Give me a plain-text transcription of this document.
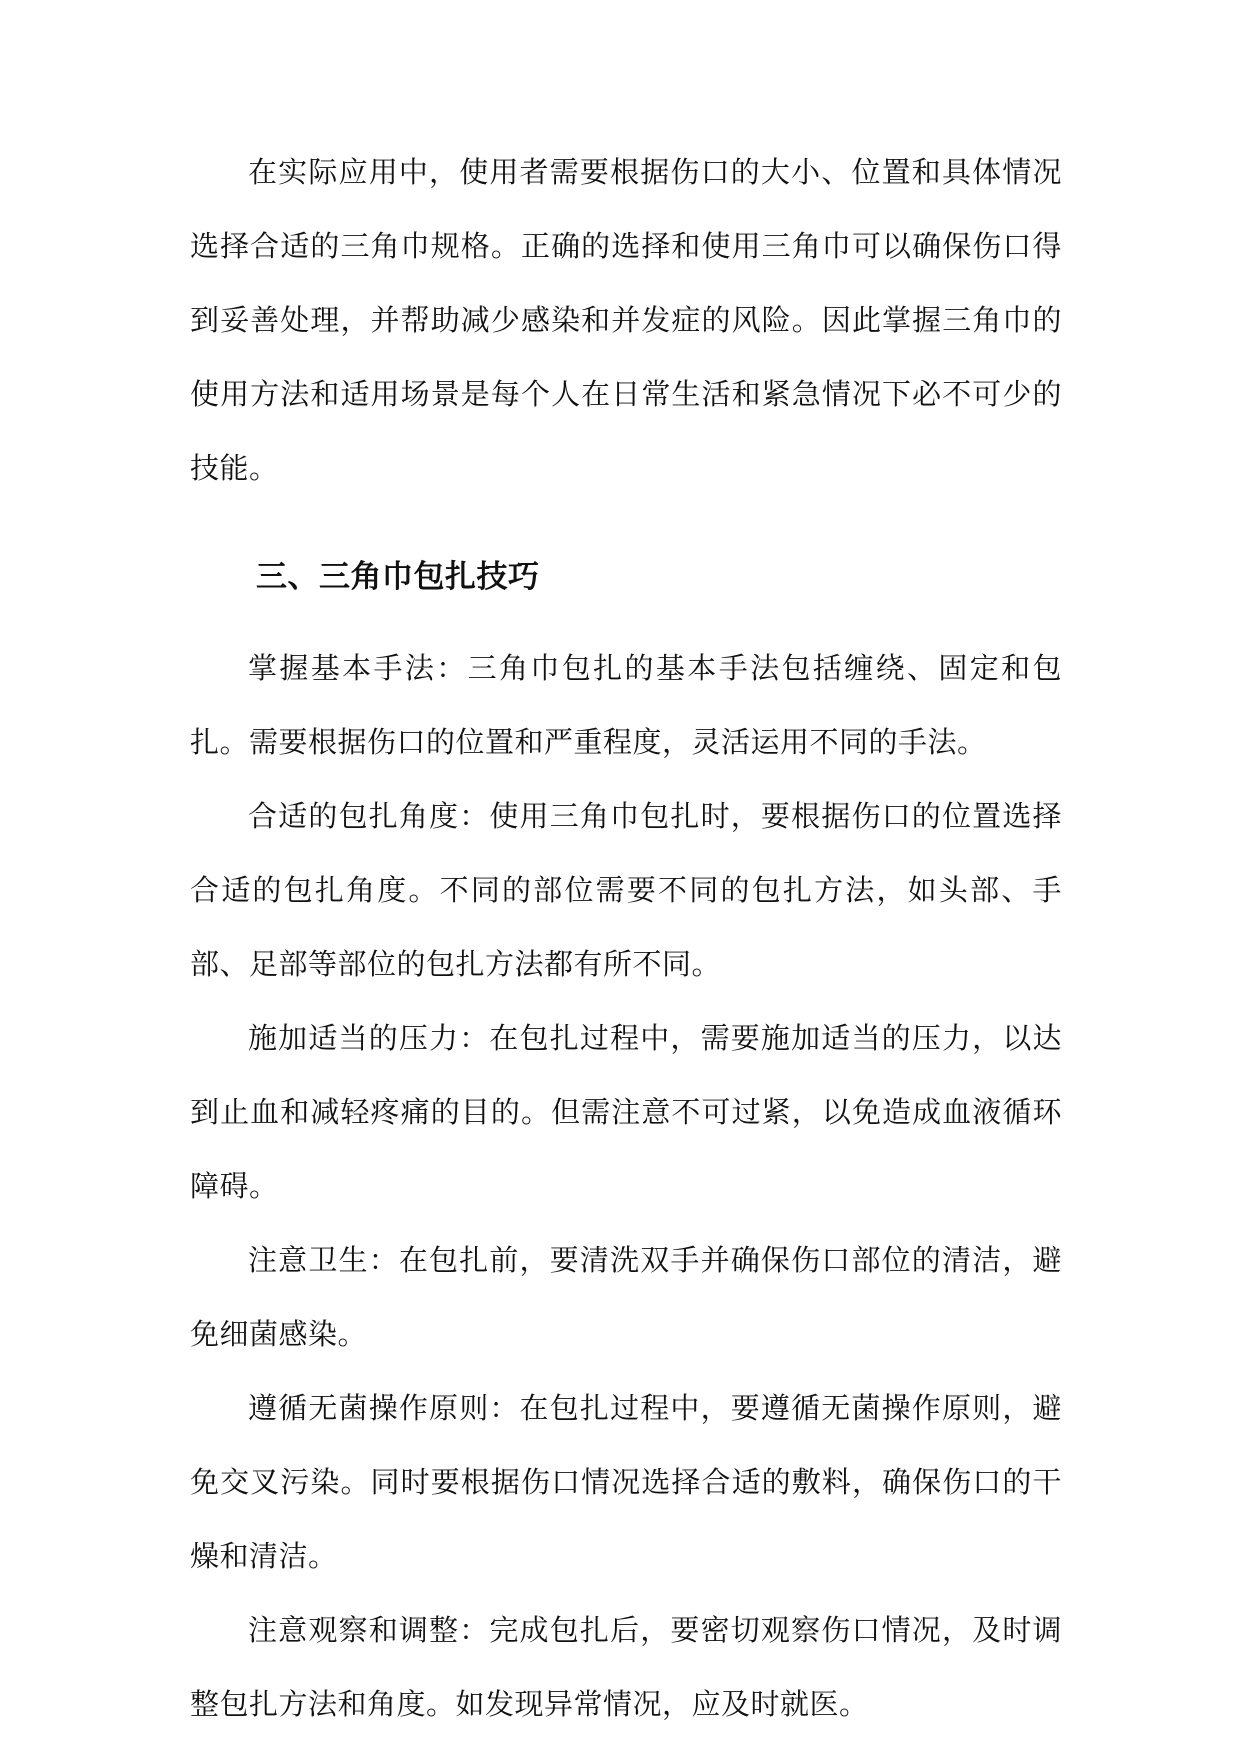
在实际应用中，使用者需要根据伤口的大小、位置和具体情况选择合适的三角巾规格。正确的选择和使用三角巾可以确保伤口得到妥善处理，并帮助减少感染和并发症的风险。因此掌握三角巾的使用方法和适用场景是每个人在日常生活和紧急情况下必不可少的技能。

三、三角巾包扎技巧

掌握基本手法：三角巾包扎的基本手法包括缠绕、固定和包扎。需要根据伤口的位置和严重程度，灵活运用不同的手法。

合适的包扎角度：使用三角巾包扎时，要根据伤口的位置选择合适的包扎角度。不同的部位需要不同的包扎方法，如头部、手部、足部等部位的包扎方法都有所不同。

施加适当的压力：在包扎过程中，需要施加适当的压力，以达到止血和减轻疼痛的目的。但需注意不可过紧，以免造成血液循环障碍。

注意卫生：在包扎前，要清洗双手并确保伤口部位的清洁，避免细菌感染。

遵循无菌操作原则：在包扎过程中，要遵循无菌操作原则，避免交叉污染。同时要根据伤口情况选择合适的敷料，确保伤口的干燥和清洁。

注意观察和调整：完成包扎后，要密切观察伤口情况，及时调整包扎方法和角度。如发现异常情况，应及时就医。
